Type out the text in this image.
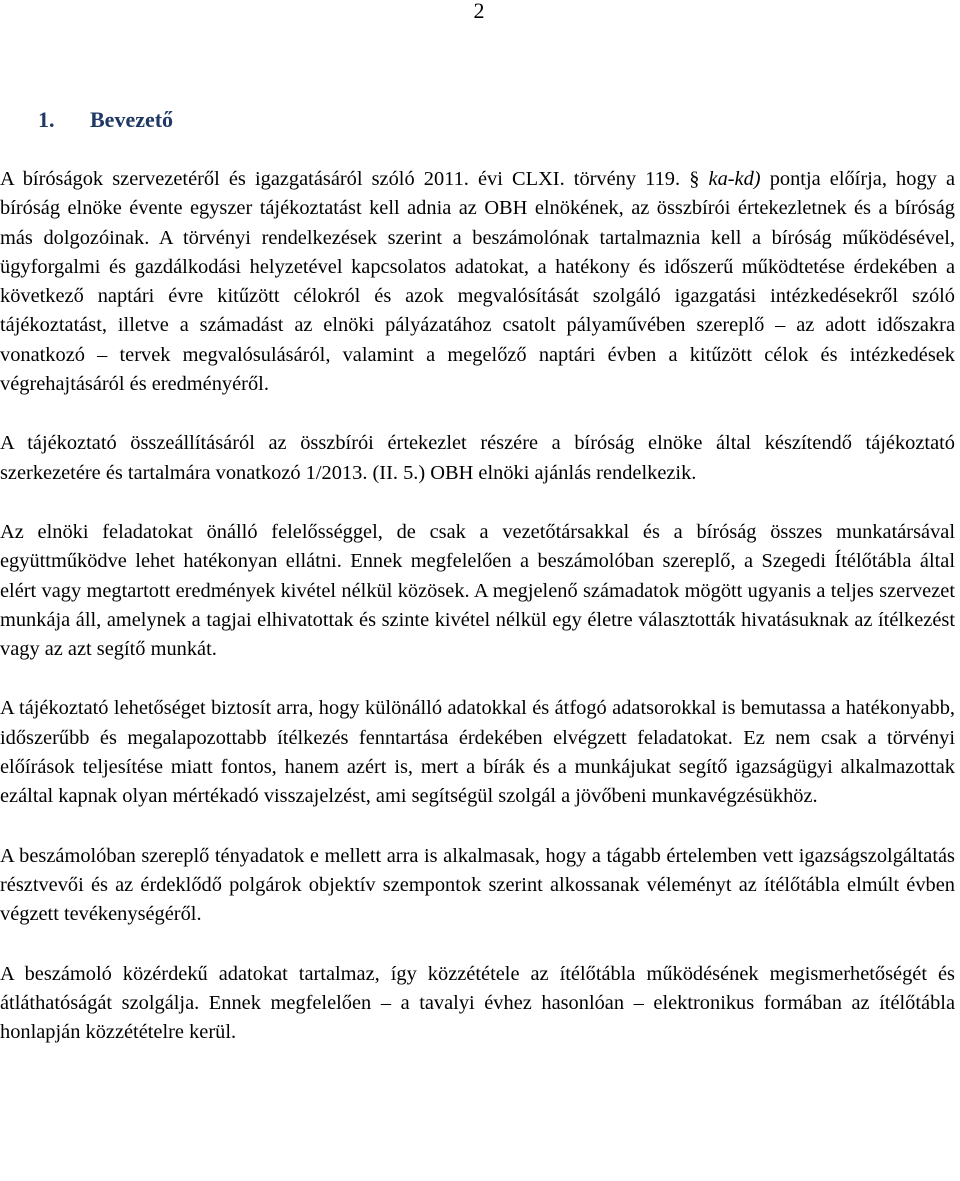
2
1. Bevezető

A bíróságok szervezetéről és igazgatásáról szóló 2011. évi CLXI. törvény 119. § ka-kd) pontja előírja, hogy a bíróság elnöke évente egyszer tájékoztatást kell adnia az OBH elnökének, az összbírói értekezletnek és a bíróság más dolgozóinak. A törvényi rendelkezések szerint a beszámolónak tartalmaznia kell a bíróság működésével, ügyforgalmi és gazdálkodási helyzetével kapcsolatos adatokat, a hatékony és időszerű működtetése érdekében a következő naptári évre kitűzött célokról és azok megvalósítását szolgáló igazgatási intézkedésekről szóló tájékoztatást, illetve a számadást az elnöki pályázatához csatolt pályaművében szereplő – az adott időszakra vonatkozó – tervek megvalósulásáról, valamint a megelőző naptári évben a kitűzött célok és intézkedések végrehajtásáról és eredményéről.

A tájékoztató összeállításáról az összbírói értekezlet részére a bíróság elnöke által készítendő tájékoztató szerkezetére és tartalmára vonatkozó 1/2013. (II. 5.) OBH elnöki ajánlás rendelkezik.

Az elnöki feladatokat önálló felelősséggel, de csak a vezetőtársakkal és a bíróság összes munkatársával együttműködve lehet hatékonyan ellátni. Ennek megfelelően a beszámolóban szereplő, a Szegedi Ítélőtábla által elért vagy megtartott eredmények kivétel nélkül közösek. A megjelenő számadatok mögött ugyanis a teljes szervezet munkája áll, amelynek a tagjai elhivatottak és szinte kivétel nélkül egy életre választották hivatásuknak az ítélkezést vagy az azt segítő munkát.

A tájékoztató lehetőséget biztosít arra, hogy különálló adatokkal és átfogó adatsorokkal is bemutassa a hatékonyabb, időszerűbb és megalapozottabb ítélkezés fenntartása érdekében elvégzett feladatokat. Ez nem csak a törvényi előírások teljesítése miatt fontos, hanem azért is, mert a bírák és a munkájukat segítő igazságügyi alkalmazottak ezáltal kapnak olyan mértékadó visszajelzést, ami segítségül szolgál a jövőbeni munkavégzésükhöz.

A beszámolóban szereplő tényadatok e mellett arra is alkalmasak, hogy a tágabb értelemben vett igazságszolgáltatás résztvevői és az érdeklődő polgárok objektív szempontok szerint alkossanak véleményt az ítélőtábla elmúlt évben végzett tevékenységéről.

A beszámoló közérdekű adatokat tartalmaz, így közzététele az ítélőtábla működésének megismerhetőségét és átláthatóságát szolgálja. Ennek megfelelően – a tavalyi évhez hasonlóan – elektronikus formában az ítélőtábla honlapján közzétételre kerül.
